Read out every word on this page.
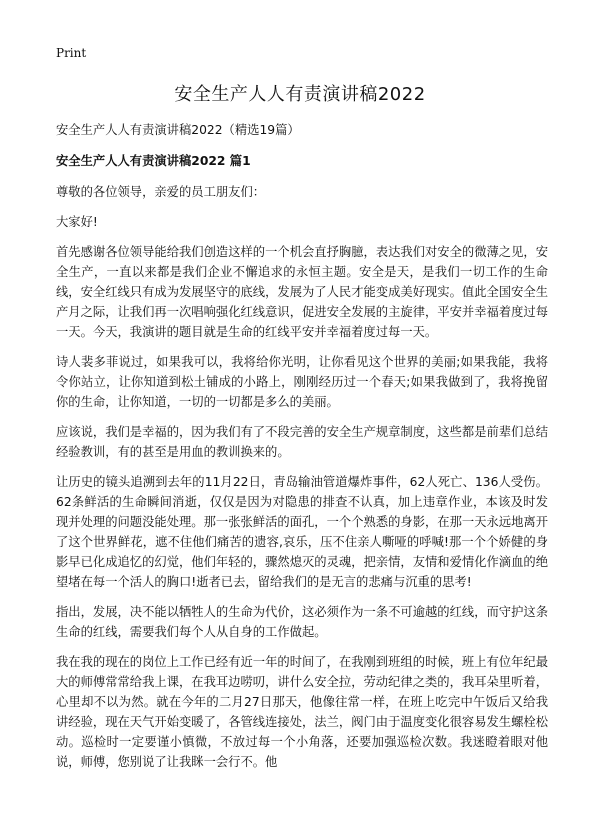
Print
安全生产人人有责演讲稿2022

安全生产人人有责演讲稿2022（精选19篇）

安全生产人人有责演讲稿2022 篇1

尊敬的各位领导，亲爱的员工朋友们：

大家好!

首先感谢各位领导能给我们创造这样的一个机会直抒胸臆，表达我们对安全的微薄之见，安全生产，一直以来都是我们企业不懈追求的永恒主题。安全是天，是我们一切工作的生命线，安全红线只有成为发展坚守的底线，发展为了人民才能变成美好现实。值此全国安全生产月之际，让我们再一次唱响强化红线意识，促进安全发展的主旋律，平安并幸福着度过每一天。今天，我演讲的题目就是生命的红线平安并幸福着度过每一天。

诗人裴多菲说过，如果我可以，我将给你光明，让你看见这个世界的美丽;如果我能，我将令你站立，让你知道到松土铺成的小路上，刚刚经历过一个春天;如果我做到了，我将挽留你的生命，让你知道，一切的一切都是多么的美丽。

应该说，我们是幸福的，因为我们有了不段完善的安全生产规章制度，这些都是前辈们总结经验教训，有的甚至是用血的教训换来的。

让历史的镜头追溯到去年的11月22日，青岛输油管道爆炸事件，62人死亡、136人受伤。62条鲜活的生命瞬间消逝，仅仅是因为对隐患的排查不认真，加上违章作业，本该及时发现并处理的问题没能处理。那一张张鲜活的面孔，一个个熟悉的身影，在那一天永远地离开了这个世界鲜花，遮不住他们痛苦的遗容,哀乐，压不住亲人嘶哑的呼喊!那一个个娇健的身影早已化成追忆的幻觉，他们年轻的，骤然熄灭的灵魂，把亲情，友情和爱情化作滴血的绝望堵在每一个活人的胸口!逝者已去，留给我们的是无言的悲痛与沉重的思考!

指出，发展，决不能以牺牲人的生命为代价，这必须作为一条不可逾越的红线，而守护这条生命的红线，需要我们每个人从自身的工作做起。

我在我的现在的岗位上工作已经有近一年的时间了，在我刚到班组的时候，班上有位年纪最大的师傅常常给我上课，在我耳边唠叨，讲什么安全拉，劳动纪律之类的，我耳朵里听着，心里却不以为然。就在今年的二月27日那天，他像往常一样，在班上吃完中午饭后又给我讲经验，现在天气开始变暖了，各管线连接处，法兰，阀门由于温度变化很容易发生螺栓松动。巡检时一定要谨小慎微，不放过每一个小角落，还要加强巡检次数。我迷瞪着眼对他说，师傅，您别说了让我眯一会行不。他
